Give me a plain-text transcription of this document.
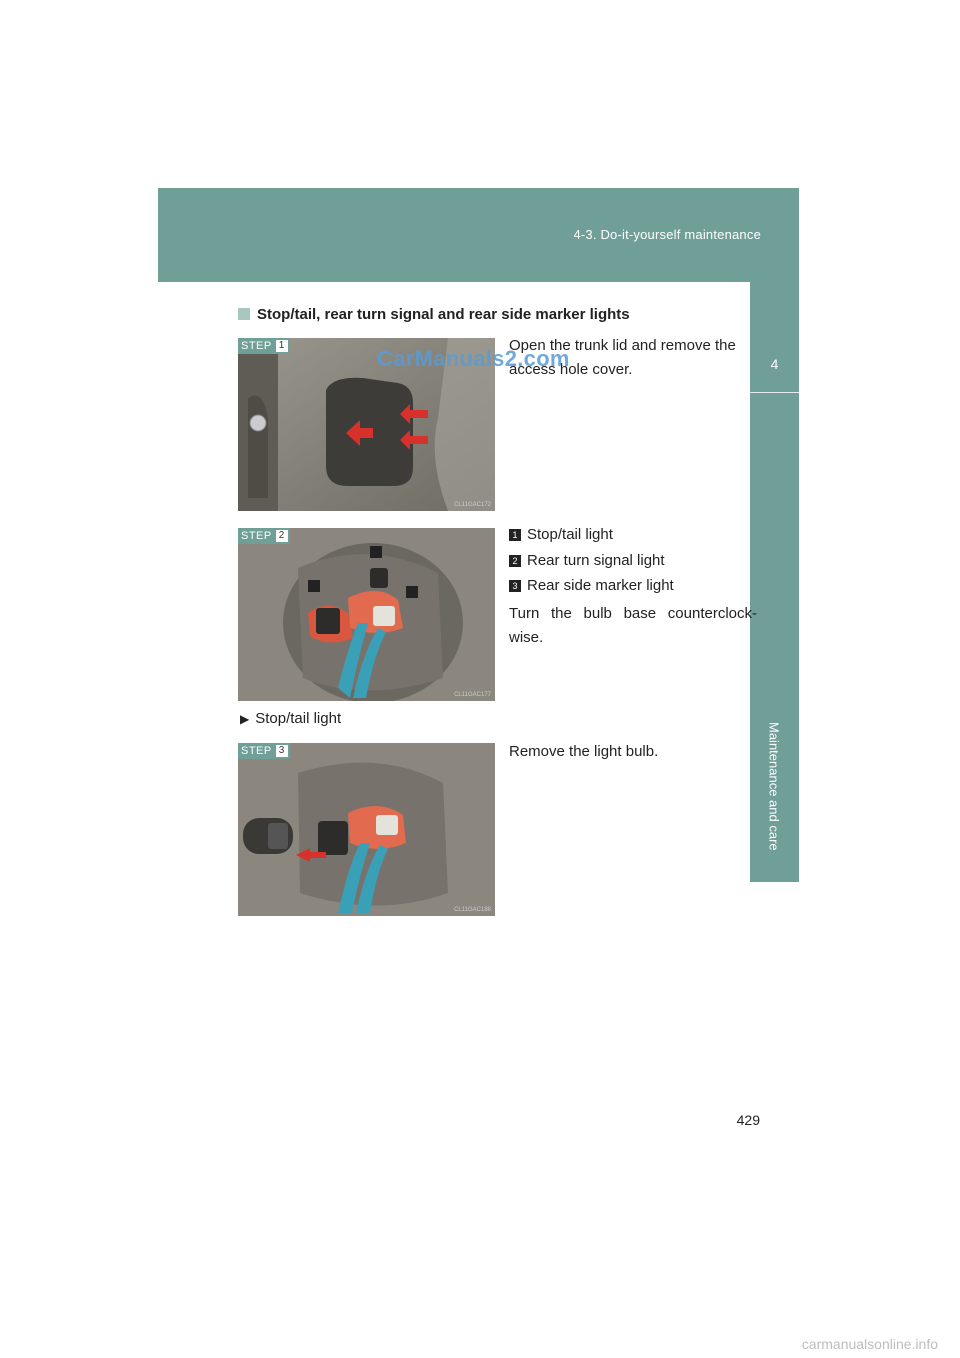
4-3. Do-it-yourself maintenance
4
Maintenance and care
Stop/tail, rear turn signal and rear side marker lights
STEP 1
CL11GAC172
Open the trunk lid and remove the access hole cover.
STEP 2
CL11GAC177
1 Stop/tail light
2 Rear turn signal light
3 Rear side marker light
Turn the bulb base counterclock-wise.
▶ Stop/tail light
STEP 3
CL11GAC188
Remove the light bulb.
CarManuals2.com
429
carmanualsonline.info
